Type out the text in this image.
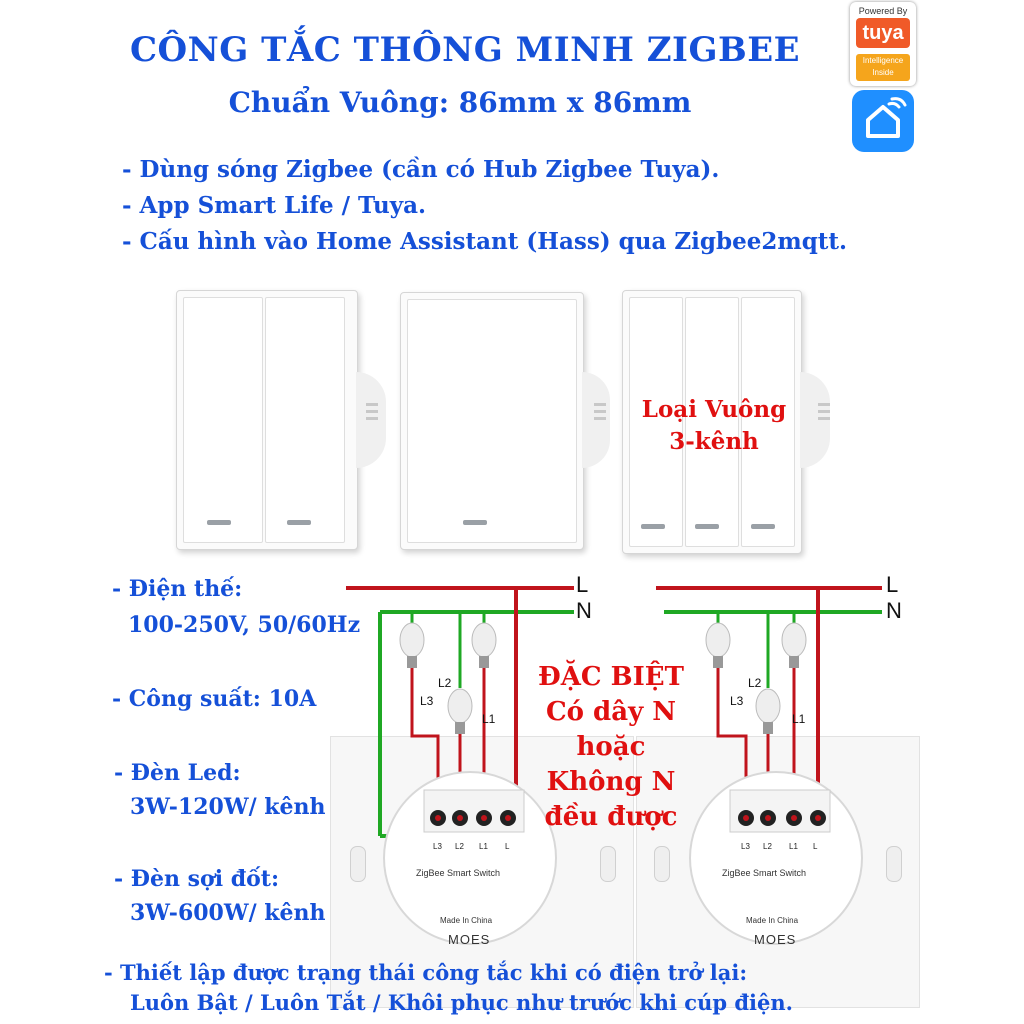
CÔNG TẮC THÔNG MINH ZIGBEE
Chuẩn Vuông: 86mm x 86mm
Powered By
tuya
Intelligence
Inside
- Dùng sóng Zigbee (cần có Hub Zigbee Tuya).
- App Smart Life / Tuya.
- Cấu hình vào Home Assistant (Hass) qua Zigbee2mqtt.
Loại Vuông
3-kênh
- Điện thế:
100-250V, 50/60Hz
- Công suất: 10A
- Đèn Led:
3W-120W/ kênh
- Đèn sợi đốt:
3W-600W/ kênh
L
N
L
N
L2
L3
L1
L2
L3
L1
L3 L2 L1 L
ZigBee Smart Switch
Made In China
MOES
L3 L2 L1 L
ZigBee Smart Switch
Made In China
MOES
ĐẶC BIỆT
Có dây N
hoặc
Không N
đều được
- Thiết lập được trạng thái công tắc khi có điện trở lại:
Luôn Bật / Luôn Tắt / Khôi phục như trước khi cúp điện.
